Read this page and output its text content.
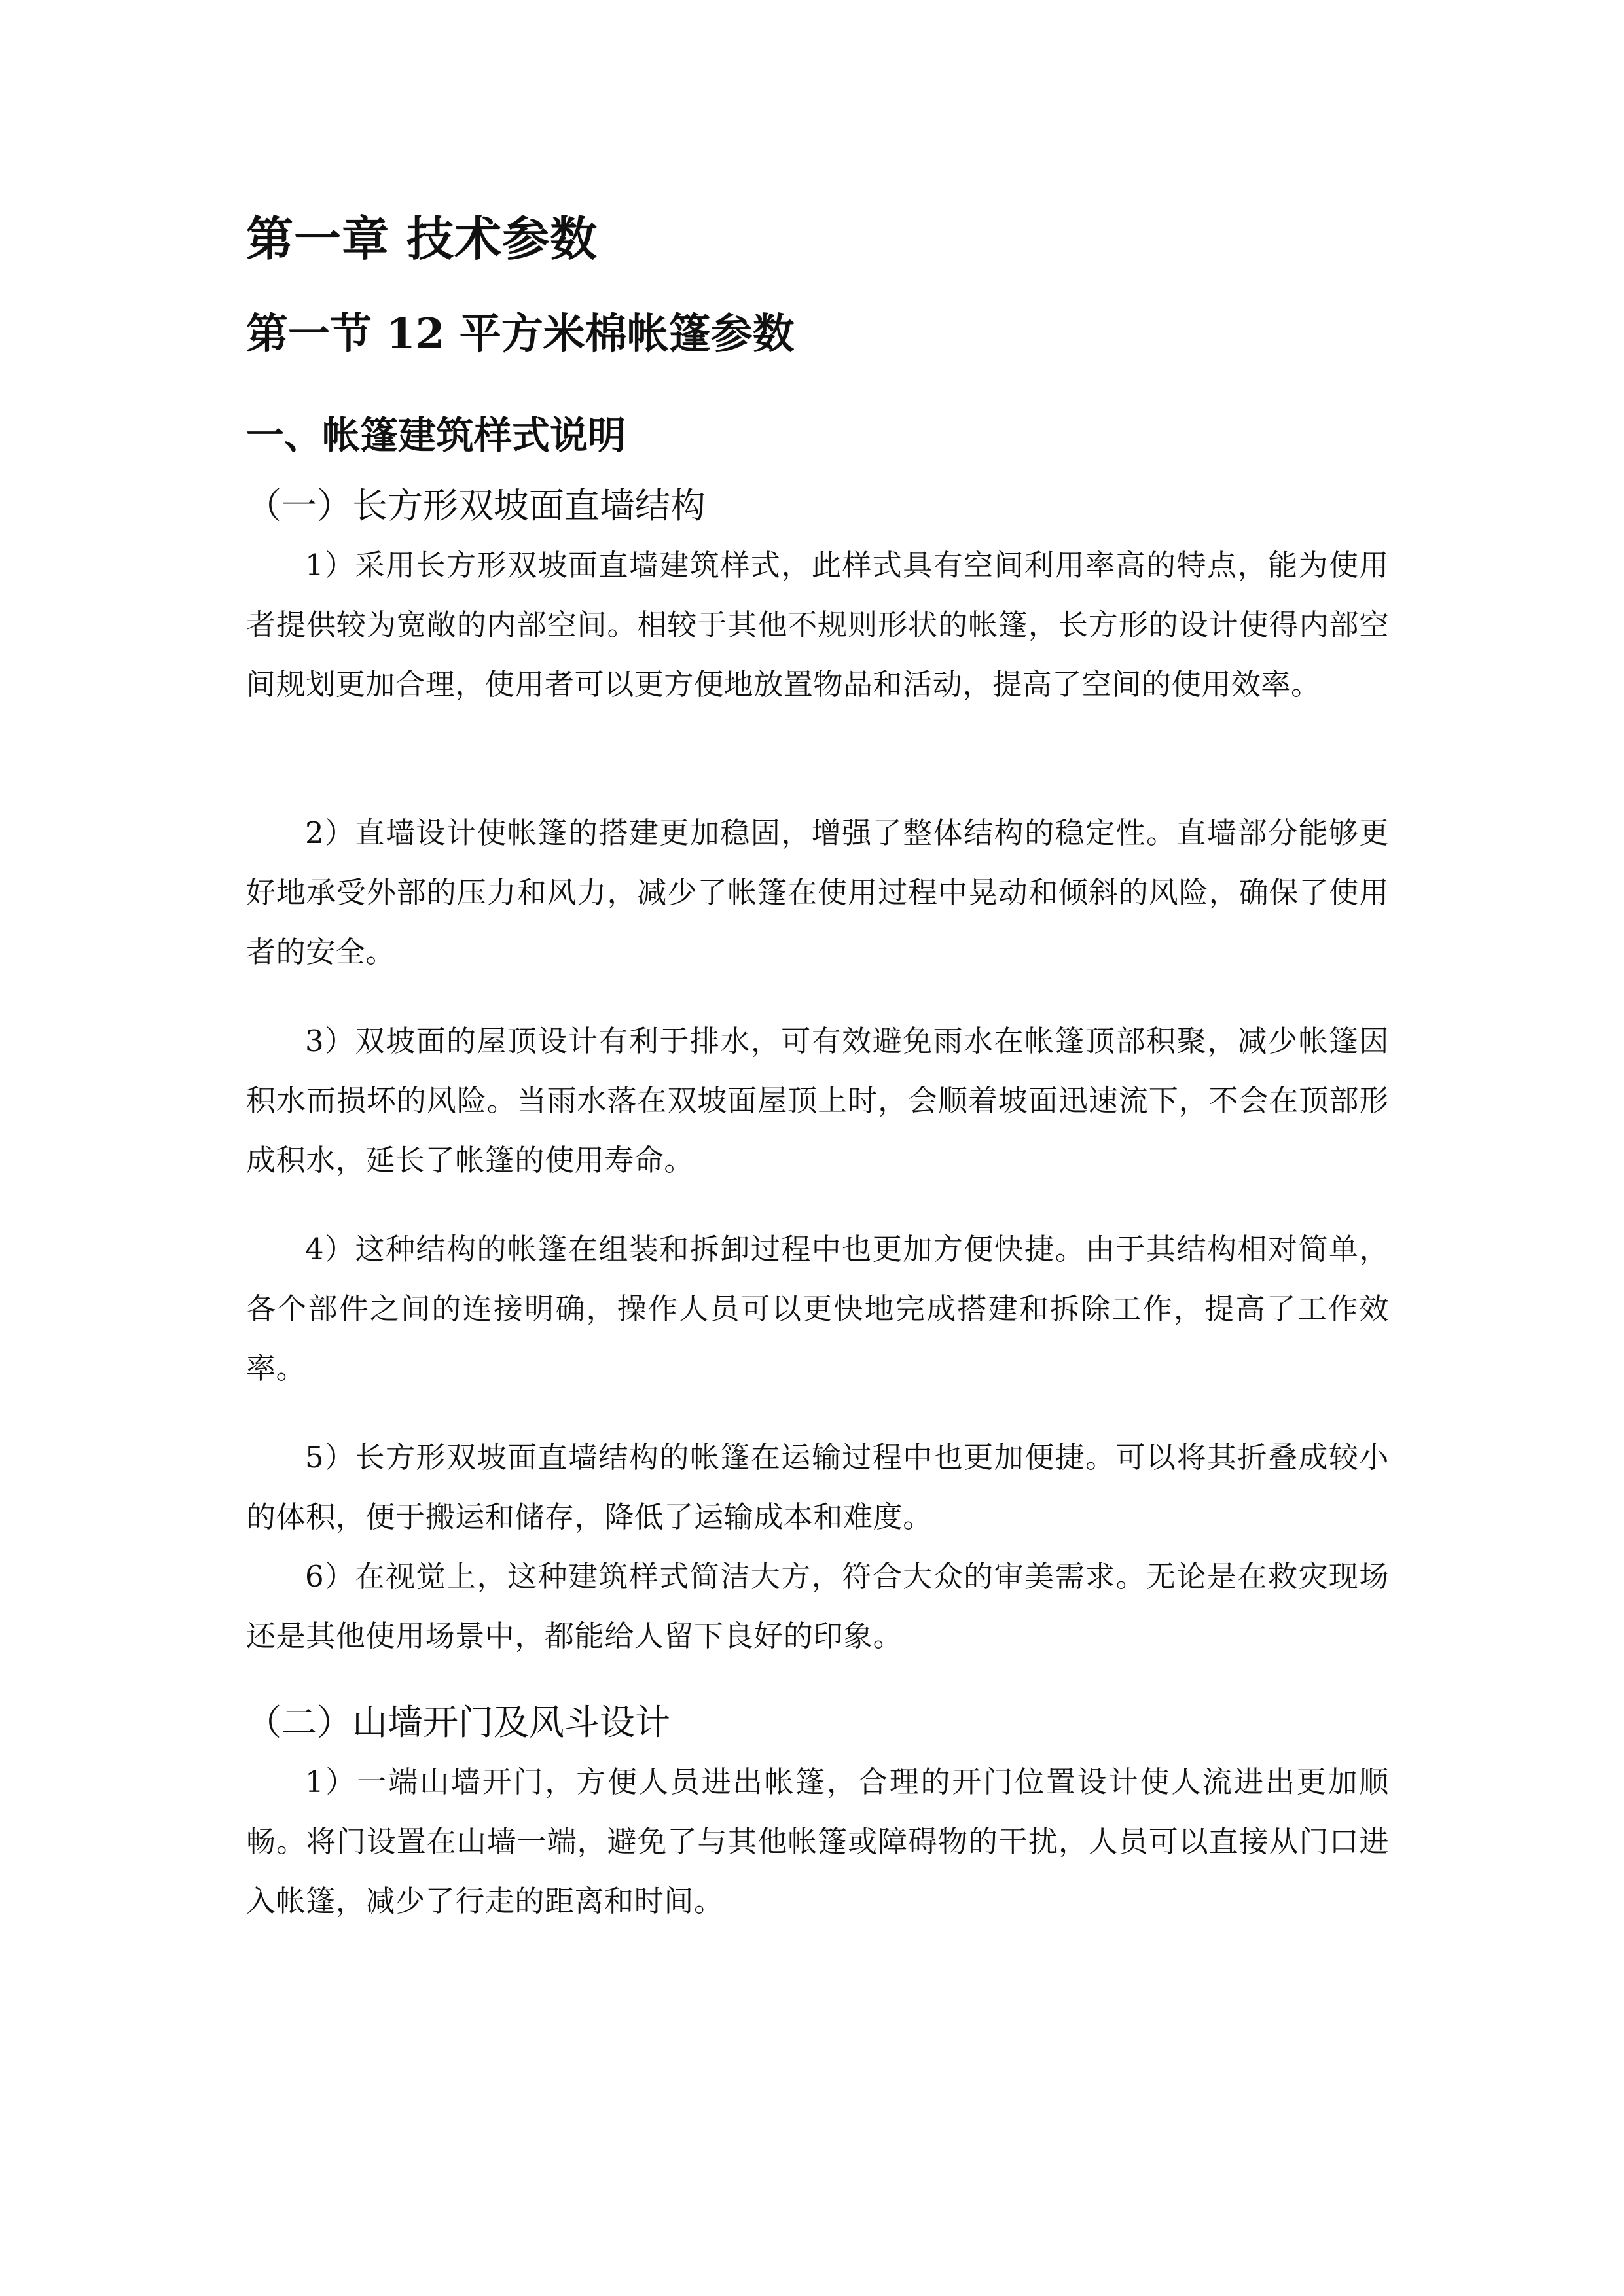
第一章 技术参数
第一节 12 平方米棉帐篷参数
一、帐篷建筑样式说明
（一）长方形双坡面直墙结构

1）采用长方形双坡面直墙建筑样式，此样式具有空间利用率高的特点，能为使用者提供较为宽敞的内部空间。相较于其他不规则形状的帐篷，长方形的设计使得内部空间规划更加合理，使用者可以更方便地放置物品和活动，提高了空间的使用效率。

2）直墙设计使帐篷的搭建更加稳固，增强了整体结构的稳定性。直墙部分能够更好地承受外部的压力和风力，减少了帐篷在使用过程中晃动和倾斜的风险，确保了使用者的安全。

3）双坡面的屋顶设计有利于排水，可有效避免雨水在帐篷顶部积聚，减少帐篷因积水而损坏的风险。当雨水落在双坡面屋顶上时，会顺着坡面迅速流下，不会在顶部形成积水，延长了帐篷的使用寿命。

4）这种结构的帐篷在组装和拆卸过程中也更加方便快捷。由于其结构相对简单，各个部件之间的连接明确，操作人员可以更快地完成搭建和拆除工作，提高了工作效率。

5）长方形双坡面直墙结构的帐篷在运输过程中也更加便捷。可以将其折叠成较小的体积，便于搬运和储存，降低了运输成本和难度。

6）在视觉上，这种建筑样式简洁大方，符合大众的审美需求。无论是在救灾现场还是其他使用场景中，都能给人留下良好的印象。

（二）山墙开门及风斗设计

1）一端山墙开门，方便人员进出帐篷，合理的开门位置设计使人流进出更加顺畅。将门设置在山墙一端，避免了与其他帐篷或障碍物的干扰，人员可以直接从门口进入帐篷，减少了行走的距离和时间。
